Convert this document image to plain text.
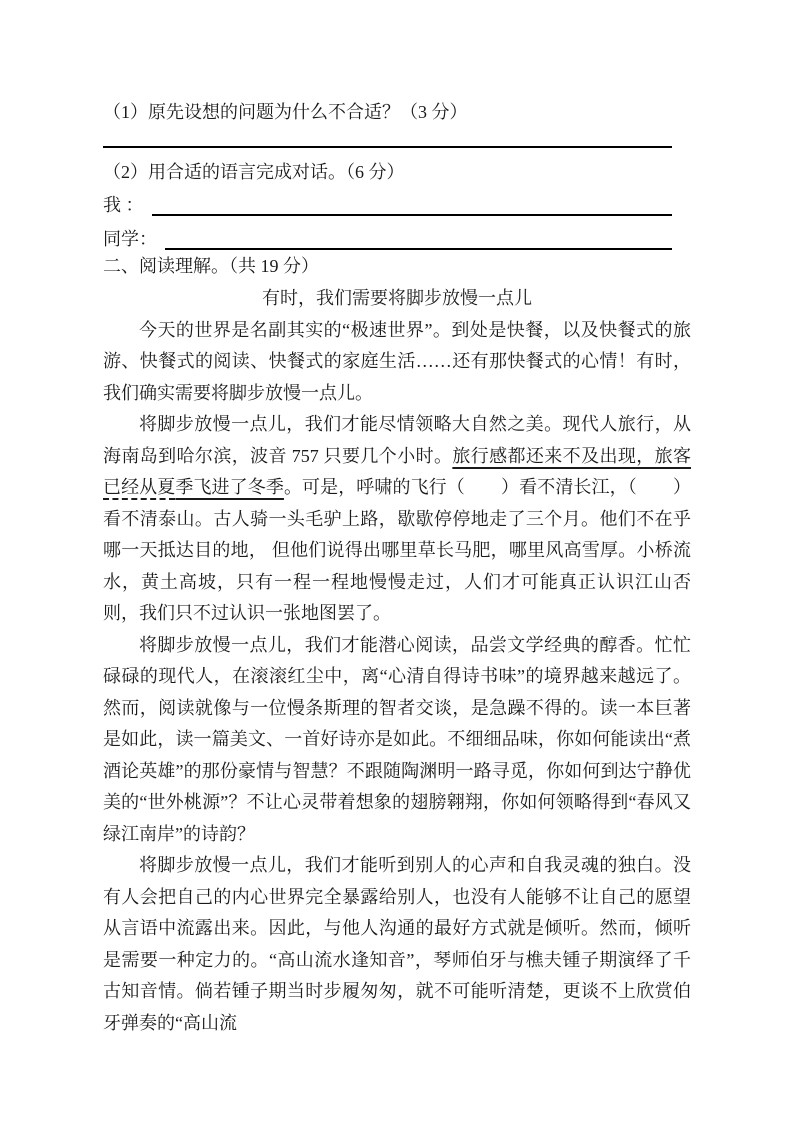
（1）原先设想的问题为什么不合适？（3 分）
（2）用合适的语言完成对话。（6 分）
我 ：
同学：
二、阅读理解。（共 19 分）
有时，我们需要将脚步放慢一点儿

今天的世界是名副其实的“极速世界”。到处是快餐，以及快餐式的旅游、快餐式的阅读、快餐式的家庭生活……还有那快餐式的心情！有时，我们确实需要将脚步放慢一点儿。

将脚步放慢一点儿，我们才能尽情领略大自然之美。现代人旅行，从海南岛到哈尔滨，波音 757 只要几个小时。旅行感都还来不及出现，旅客已经从夏季飞进了冬季。可是，呼啸的飞行（　　）看不清长江，（　　）看不清泰山。古人骑一头毛驴上路，歇歇停停地走了三个月。他们不在乎哪一天抵达目的地， 但他们说得出哪里草长马肥，哪里风高雪厚。小桥流水，黄土高坡，只有一程一程地慢慢走过，人们才可能真正认识江山否则，我们只不过认识一张地图罢了。

将脚步放慢一点儿，我们才能潜心阅读，品尝文学经典的醇香。忙忙碌碌的现代人，在滚滚红尘中，离“心清自得诗书味”的境界越来越远了。然而，阅读就像与一位慢条斯理的智者交谈，是急躁不得的。读一本巨著是如此，读一篇美文、一首好诗亦是如此。不细细品味，你如何能读出“煮酒论英雄”的那份豪情与智慧？不跟随陶渊明一路寻觅，你如何到达宁静优美的“世外桃源”？不让心灵带着想象的翅膀翱翔，你如何领略得到“春风又绿江南岸”的诗韵？

将脚步放慢一点儿，我们才能听到别人的心声和自我灵魂的独白。没有人会把自己的内心世界完全暴露给别人，也没有人能够不让自己的愿望从言语中流露出来。因此，与他人沟通的最好方式就是倾听。然而，倾听是需要一种定力的。“高山流水逢知音”，琴师伯牙与樵夫锺子期演绎了千古知音情。倘若锺子期当时步履匆匆，就不可能听清楚，更谈不上欣赏伯牙弹奏的“高山流
